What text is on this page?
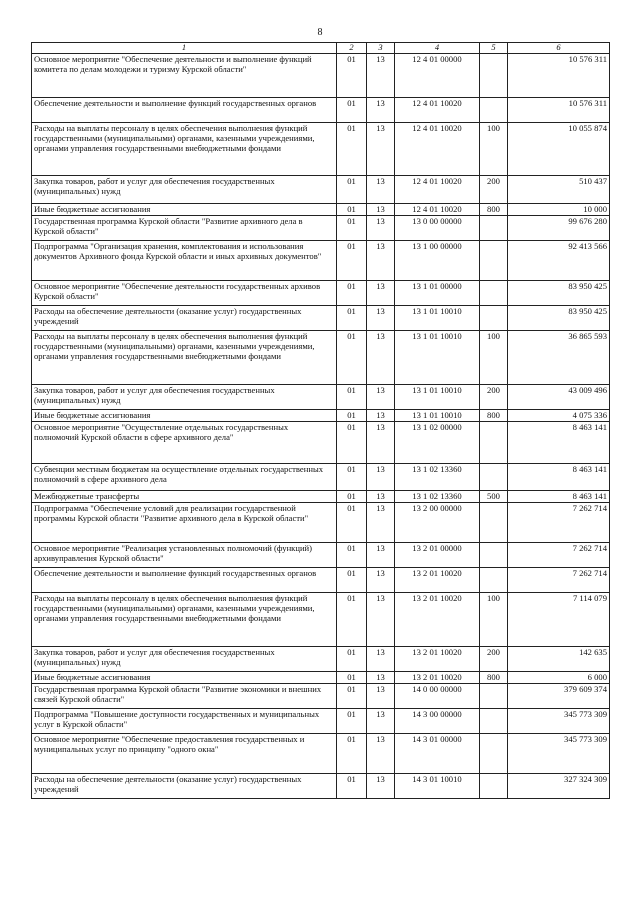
8
1	2	3	4	5	6
Основное мероприятие "Обеспечение деятельности и выполнение функций комитета по делам молодежи и туризму Курской области"	01	13	12 4 01 00000		10 576 311
Обеспечение деятельности и выполнение функций государственных органов	01	13	12 4 01 10020		10 576 311
Расходы на выплаты персоналу в целях обеспечения выполнения функций государственными (муниципальными) органами, казенными учреждениями, органами управления государственными внебюджетными фондами	01	13	12 4 01 10020	100	10 055 874
Закупка товаров, работ и услуг для обеспечения государственных (муниципальных) нужд	01	13	12 4 01 10020	200	510 437
Иные бюджетные ассигнования	01	13	12 4 01 10020	800	10 000
Государственная программа Курской области "Развитие архивного дела в Курской области"	01	13	13 0 00 00000		99 676 280
Подпрограмма "Организация хранения, комплектования и использования документов Архивного фонда Курской области и иных архивных документов"	01	13	13 1 00 00000		92 413 566
Основное мероприятие "Обеспечение деятельности государственных архивов Курской области"	01	13	13 1 01 00000		83 950 425
Расходы на обеспечение деятельности (оказание услуг) государственных учреждений	01	13	13 1 01 10010		83 950 425
Расходы на выплаты персоналу в целях обеспечения выполнения функций государственными (муниципальными) органами, казенными учреждениями, органами управления государственными внебюджетными фондами	01	13	13 1 01 10010	100	36 865 593
Закупка товаров, работ и услуг для обеспечения государственных (муниципальных) нужд	01	13	13 1 01 10010	200	43 009 496
Иные бюджетные ассигнования	01	13	13 1 01 10010	800	4 075 336
Основное мероприятие "Осуществление отдельных государственных полномочий Курской области в сфере архивного дела"	01	13	13 1 02 00000		8 463 141
Субвенции местным бюджетам на осуществление отдельных государственных полномочий в сфере архивного дела	01	13	13 1 02 13360		8 463 141
Межбюджетные трансферты	01	13	13 1 02 13360	500	8 463 141
Подпрограмма "Обеспечение условий для реализации государственной программы Курской области "Развитие архивного дела в Курской области"	01	13	13 2 00 00000		7 262 714
Основное мероприятие "Реализация установленных полномочий (функций) архивуправления Курской области"	01	13	13 2 01 00000		7 262 714
Обеспечение деятельности и выполнение функций государственных органов	01	13	13 2 01 10020		7 262 714
Расходы на выплаты персоналу в целях обеспечения выполнения функций государственными (муниципальными) органами, казенными учреждениями, органами управления государственными внебюджетными фондами	01	13	13 2 01 10020	100	7 114 079
Закупка товаров, работ и услуг для обеспечения государственных (муниципальных) нужд	01	13	13 2 01 10020	200	142 635
Иные бюджетные ассигнования	01	13	13 2 01 10020	800	6 000
Государственная программа Курской области "Развитие экономики и внешних связей Курской области"	01	13	14 0 00 00000		379 609 374
Подпрограмма "Повышение доступности государственных и муниципальных услуг в Курской области"	01	13	14 3 00 00000		345 773 309
Основное мероприятие "Обеспечение предоставления государственных и муниципальных услуг по принципу "одного окна"	01	13	14 3 01 00000		345 773 309
Расходы на обеспечение деятельности (оказание услуг) государственных учреждений	01	13	14 3 01 10010		327 324 309
